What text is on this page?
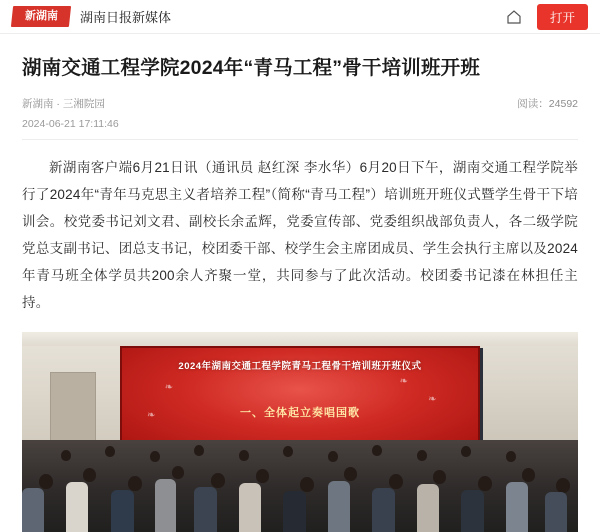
新湖南	湖南日报新媒体	打开
湖南交通工程学院2024年“青马工程”骨干培训班开班
新湖南 · 三湘院园	阅读：24592
2024-06-21 17:11:46

新湖南客户端6月21日讯（通讯员 赵红深 李水华）6月20日下午，湖南交通工程学院举行了2024年“青年马克思主义者培养工程”（简称“青马工程”）培训班开班仪式暨学生骨干下培训会。校党委书记刘文君、副校长余孟辉，党委宣传部、党委组织战部负责人，各二级学院党总支副书记、团总支书记，校团委干部、校学生会主席团成员、学生会执行主席以及2024年青马班全体学员共200余人齐聚一堂，共同参与了此次活动。校团委书记漆在林担任主持。

2024年湖南交通工程学院青马工程骨干培训班开班仪式
一、全体起立奏唱国歌
❧
❧
❧
❧
